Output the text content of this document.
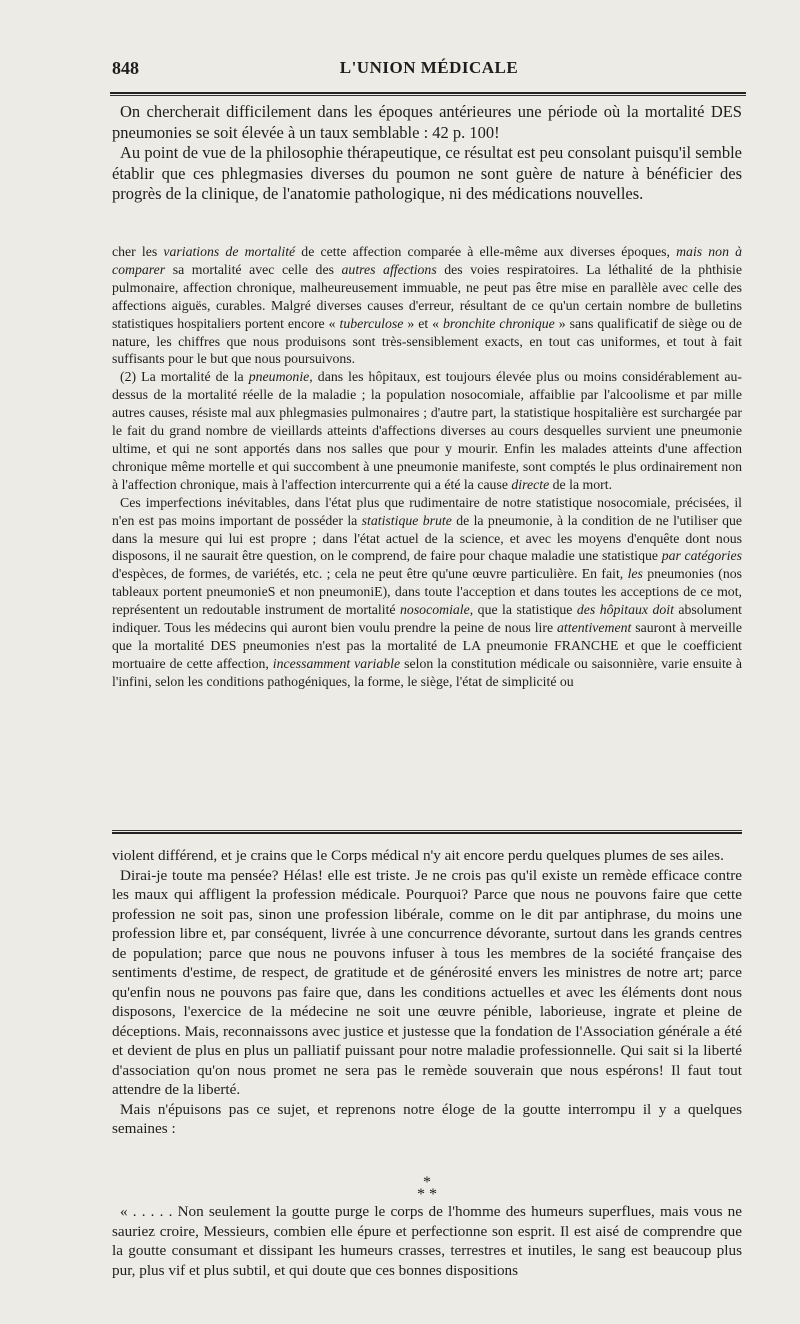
848	L'UNION MÉDICALE

On chercherait difficilement dans les époques antérieures une période où la mortalité DES pneumonies se soit élevée à un taux semblable : 42 p. 100!

Au point de vue de la philosophie thérapeutique, ce résultat est peu consolant puisqu'il semble établir que ces phlegmasies diverses du poumon ne sont guère de nature à bénéficier des progrès de la clinique, de l'anatomie pathologique, ni des médications nouvelles.

cher les variations de mortalité de cette affection comparée à elle-même aux diverses époques, mais non à comparer sa mortalité avec celle des autres affections des voies respiratoires. La léthalité de la phthisie pulmonaire, affection chronique, malheureusement immuable, ne peut pas être mise en parallèle avec celle des affections aiguës, curables. Malgré diverses causes d'erreur, résultant de ce qu'un certain nombre de bulletins statistiques hospitaliers portent encore « tuberculose » et « bronchite chronique » sans qualificatif de siège ou de nature, les chiffres que nous produisons sont très-sensiblement exacts, en tout cas uniformes, et tout à fait suffisants pour le but que nous poursuivons.

(2) La mortalité de la pneumonie, dans les hôpitaux, est toujours élevée plus ou moins considérablement au-dessus de la mortalité réelle de la maladie ; la population nosocomiale, affaiblie par l'alcoolisme et par mille autres causes, résiste mal aux phlegmasies pulmonaires ; d'autre part, la statistique hospitalière est surchargée par le fait du grand nombre de vieillards atteints d'affections diverses au cours desquelles survient une pneumonie ultime, et qui ne sont apportés dans nos salles que pour y mourir. Enfin les malades atteints d'une affection chronique même mortelle et qui succombent à une pneumonie manifeste, sont comptés le plus ordinairement non à l'affection chronique, mais à l'affection intercurrente qui a été la cause directe de la mort.

Ces imperfections inévitables, dans l'état plus que rudimentaire de notre statistique nosocomiale, précisées, il n'en est pas moins important de posséder la statistique brute de la pneumonie, à la condition de ne l'utiliser que dans la mesure qui lui est propre ; dans l'état actuel de la science, et avec les moyens d'enquête dont nous disposons, il ne saurait être question, on le comprend, de faire pour chaque maladie une statistique par catégories d'espèces, de formes, de variétés, etc. ; cela ne peut être qu'une œuvre particulière. En fait, les pneumonies (nos tableaux portent pneumonieS et non pneumoniE), dans toute l'acception et dans toutes les acceptions de ce mot, représentent un redoutable instrument de mortalité nosocomiale, que la statistique des hôpitaux doit absolument indiquer. Tous les médecins qui auront bien voulu prendre la peine de nous lire attentivement sauront à merveille que la mortalité DES pneumonies n'est pas la mortalité de LA pneumonie FRANCHE et que le coefficient mortuaire de cette affection, incessamment variable selon la constitution médicale ou saisonnière, varie ensuite à l'infini, selon les conditions pathogéniques, la forme, le siège, l'état de simplicité ou

violent différend, et je crains que le Corps médical n'y ait encore perdu quelques plumes de ses ailes.

Dirai-je toute ma pensée? Hélas! elle est triste. Je ne crois pas qu'il existe un remède efficace contre les maux qui affligent la profession médicale. Pourquoi? Parce que nous ne pouvons faire que cette profession ne soit pas, sinon une profession libérale, comme on le dit par antiphrase, du moins une profession libre et, par conséquent, livrée à une concurrence dévorante, surtout dans les grands centres de population; parce que nous ne pouvons infuser à tous les membres de la société française des sentiments d'estime, de respect, de gratitude et de générosité envers les ministres de notre art; parce qu'enfin nous ne pouvons pas faire que, dans les conditions actuelles et avec les éléments dont nous disposons, l'exercice de la médecine ne soit une œuvre pénible, laborieuse, ingrate et pleine de déceptions. Mais, reconnaissons avec justice et justesse que la fondation de l'Association générale a été et devient de plus en plus un palliatif puissant pour notre maladie professionnelle. Qui sait si la liberté d'association qu'on nous promet ne sera pas le remède souverain que nous espérons! Il faut tout attendre de la liberté.

Mais n'épuisons pas ce sujet, et reprenons notre éloge de la goutte interrompu il y a quelques semaines :

*
* *

« . . . . . Non seulement la goutte purge le corps de l'homme des humeurs superflues, mais vous ne sauriez croire, Messieurs, combien elle épure et perfectionne son esprit. Il est aisé de comprendre que la goutte consumant et dissipant les humeurs crasses, terrestres et inutiles, le sang est beaucoup plus pur, plus vif et plus subtil, et qui doute que ces bonnes dispositions
